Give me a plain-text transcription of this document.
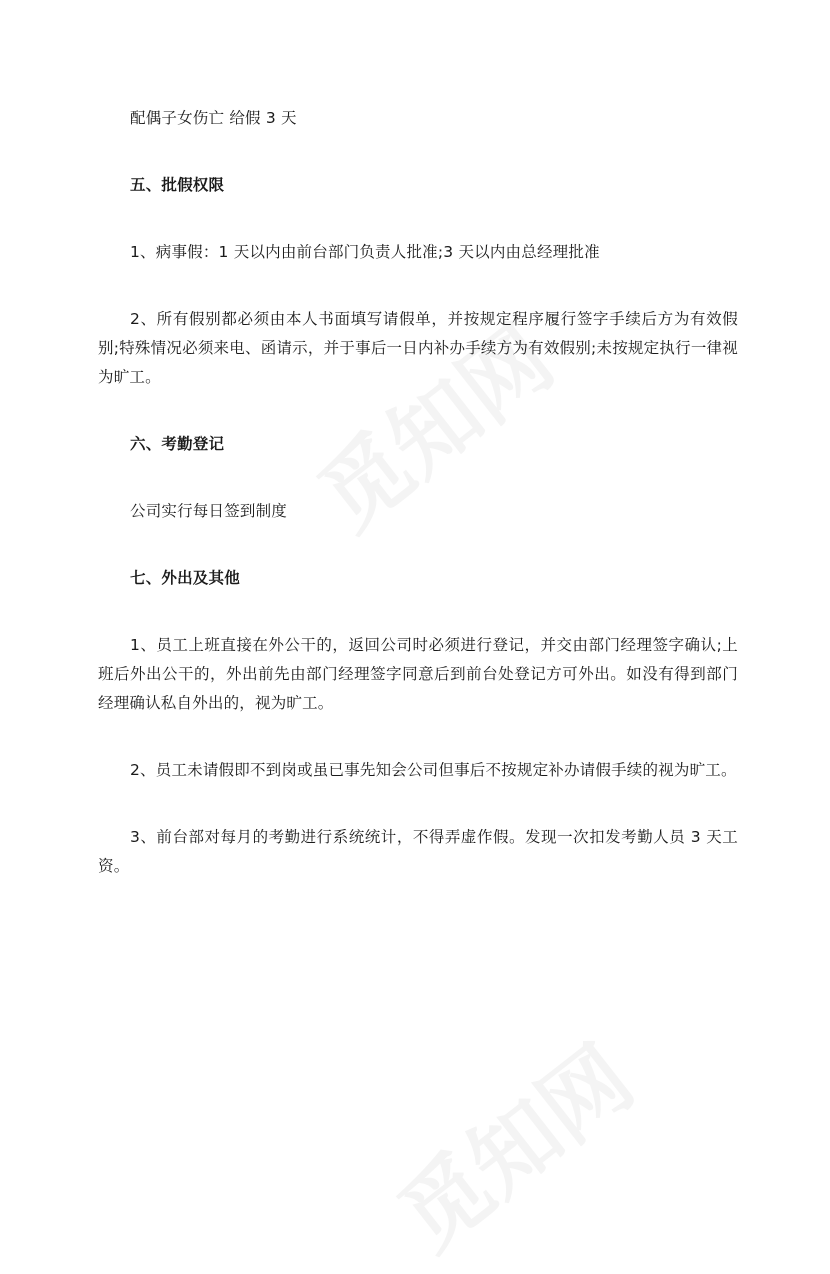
配偶子女伤亡 给假 3 天

五、批假权限

1、病事假：1 天以内由前台部门负责人批准;3 天以内由总经理批准

2、所有假别都必须由本人书面填写请假单，并按规定程序履行签字手续后方为有效假别;特殊情况必须来电、函请示，并于事后一日内补办手续方为有效假别;未按规定执行一律视为旷工。

六、考勤登记

公司实行每日签到制度

七、外出及其他

1、员工上班直接在外公干的，返回公司时必须进行登记，并交由部门经理签字确认;上班后外出公干的，外出前先由部门经理签字同意后到前台处登记方可外出。如没有得到部门经理确认私自外出的，视为旷工。

2、员工未请假即不到岗或虽已事先知会公司但事后不按规定补办请假手续的视为旷工。

3、前台部对每月的考勤进行系统统计，不得弄虚作假。发现一次扣发考勤人员 3 天工资。
